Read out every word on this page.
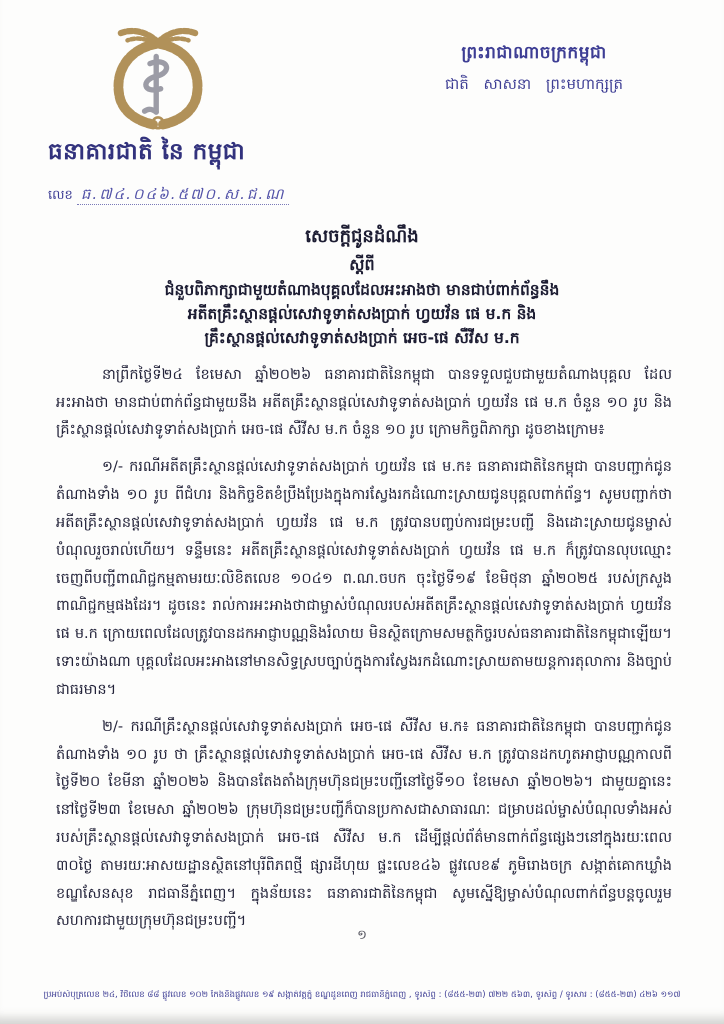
ធនាគារជាតិ នៃ កម្ពុជា
លេខ ធ.៧៤.០៤៦.៥៧០.ស.ជ.ណ
ព្រះរាជាណាចក្រកម្ពុជា
ជាតិ សាសនា ព្រះមហាក្សត្រ
សេចក្តីជូនដំណឹង
ស្តីពី
ជំនួបពិភាក្សាជាមួយតំណាងបុគ្គលដែលអះអាងថា មានជាប់ពាក់ព័ន្ធនឹង
អតីតគ្រឹះស្ថានផ្តល់សេវាទូទាត់សងប្រាក់ ហ្វយវ័ន ផេ ម.ក និង
គ្រឹះស្ថានផ្តល់សេវាទូទាត់សងប្រាក់ អេច-ផេ សឺវីស ម.ក

នាព្រឹកថ្ងៃទី២៤ ខែមេសា ឆ្នាំ២០២៦ ធនាគារជាតិនៃកម្ពុជា បានទទួលជួបជាមួយតំណាងបុគ្គល ដែលអះអាងថា មានជាប់ពាក់ព័ន្ធជាមួយនឹង អតីតគ្រឹះស្ថានផ្តល់សេវាទូទាត់សងប្រាក់ ហ្វយវ័ន ផេ ម.ក ចំនួន ១០ រូប និងគ្រឹះស្ថានផ្តល់សេវាទូទាត់សងប្រាក់ អេច-ផេ សឺវីស ម.ក ចំនួន ១០ រូប ក្រោមកិច្ចពិភាក្សា ដូចខាងក្រោម៖

១/- ករណីអតីតគ្រឹះស្ថានផ្តល់សេវាទូទាត់សងប្រាក់ ហ្វយវ័ន ផេ ម.ក៖ ធនាគារជាតិនៃកម្ពុជា បានបញ្ជាក់ជូនតំណាងទាំង ១០ រូប ពីជំហរ និងកិច្ចខិតខំប្រឹងប្រែងក្នុងការស្វែងរកដំណោះស្រាយជូនបុគ្គលពាក់ព័ន្ធ។ សូមបញ្ជាក់ថាអតីតគ្រឹះស្ថានផ្តល់សេវាទូទាត់សងប្រាក់ ហ្វយវ័ន ផេ ម.ក ត្រូវបានបញ្ចប់ការជម្រះបញ្ជី និងដោះស្រាយជូនម្ចាស់បំណុលរួចរាល់ហើយ។ ទន្ទឹមនេះ អតីតគ្រឹះស្ថានផ្តល់សេវាទូទាត់សងប្រាក់ ហ្វយវ័ន ផេ ម.ក ក៏ត្រូវបានលុបឈ្មោះចេញពីបញ្ជីពាណិជ្ជកម្មតាមរយៈលិខិតលេខ ១០៤១ ព.ណ.ចបក ចុះថ្ងៃទី១៩ ខែមិថុនា ឆ្នាំ២០២៥ របស់ក្រសួងពាណិជ្ជកម្មផងដែរ។ ដូចនេះ រាល់ការអះអាងថាជាម្ចាស់បំណុលរបស់អតីតគ្រឹះស្ថានផ្តល់សេវាទូទាត់សងប្រាក់ ហ្វយវ័ន ផេ ម.ក ក្រោយពេលដែលត្រូវបានដកអាជ្ញាបណ្ណនិងរំលាយ មិនស្ថិតក្រោមសមត្ថកិច្ចរបស់ធនាគារជាតិនៃកម្ពុជាឡើយ។ ទោះយ៉ាងណា បុគ្គលដែលអះអាងនៅមានសិទ្ធស្របច្បាប់ក្នុងការស្វែងរកដំណោះស្រាយតាមយន្តការតុលាការ និងច្បាប់ជាធរមាន។

២/- ករណីគ្រឹះស្ថានផ្តល់សេវាទូទាត់សងប្រាក់ អេច-ផេ សឺវីស ម.ក៖ ធនាគារជាតិនៃកម្ពុជា បានបញ្ជាក់ជូនតំណាងទាំង ១០ រូប ថា គ្រឹះស្ថានផ្តល់សេវាទូទាត់សងប្រាក់ អេច-ផេ សឺវីស ម.ក ត្រូវបានដកហូតអាជ្ញាបណ្ណកាលពីថ្ងៃទី២០ ខែមីនា ឆ្នាំ២០២៦ និងបានតែងតាំងក្រុមហ៊ុនជម្រះបញ្ជីនៅថ្ងៃទី១០ ខែមេសា ឆ្នាំ២០២៦។ ជាមួយគ្នានេះ នៅថ្ងៃទី២៣ ខែមេសា ឆ្នាំ២០២៦ ក្រុមហ៊ុនជម្រះបញ្ជីក៏បានប្រកាសជាសាធារណៈ ជម្រាបដល់ម្ចាស់បំណុលទាំងអស់របស់គ្រឹះស្ថានផ្តល់សេវាទូទាត់សងប្រាក់ អេច-ផេ សឺវីស ម.ក ដើម្បីផ្តល់ព័ត៌មានពាក់ព័ន្ធផ្សេងៗនៅក្នុងរយៈពេល ៣០ថ្ងៃ តាមរយៈអាសយដ្ឋានស្ថិតនៅបុរីពិភពថ្មី ផ្សារដីហុយ ផ្ទះលេខ៤៦ ផ្លូវលេខ៩ ភូមិរោងចក្រ សង្កាត់គោកឃ្លាំង ខណ្ឌសែនសុខ រាជធានីភ្នំពេញ។ ក្នុងន័យនេះ ធនាគារជាតិនៃកម្ពុជា សូមស្នើឱ្យម្ចាស់បំណុលពាក់ព័ន្ធបន្តចូលរួមសហការជាមួយក្រុមហ៊ុនជម្រះបញ្ជី។

១
ប្រអប់សំបុត្រលេខ ២៤, វិថីលេខ ៨៨ ផ្លូវលេខ ១០២ កែងនឹងផ្លូវលេខ ១៩ សង្កាត់វត្តភ្នំ ខណ្ឌដូនពេញ រាជធានីភ្នំពេញ , ទូរស័ព្ទ : (៨៥៥-២៣) ៧២២ ៥៦៣, ទូរស័ព្ទ / ទូរសារ : (៨៥៥-២៣) ៤២៦ ១១៧
